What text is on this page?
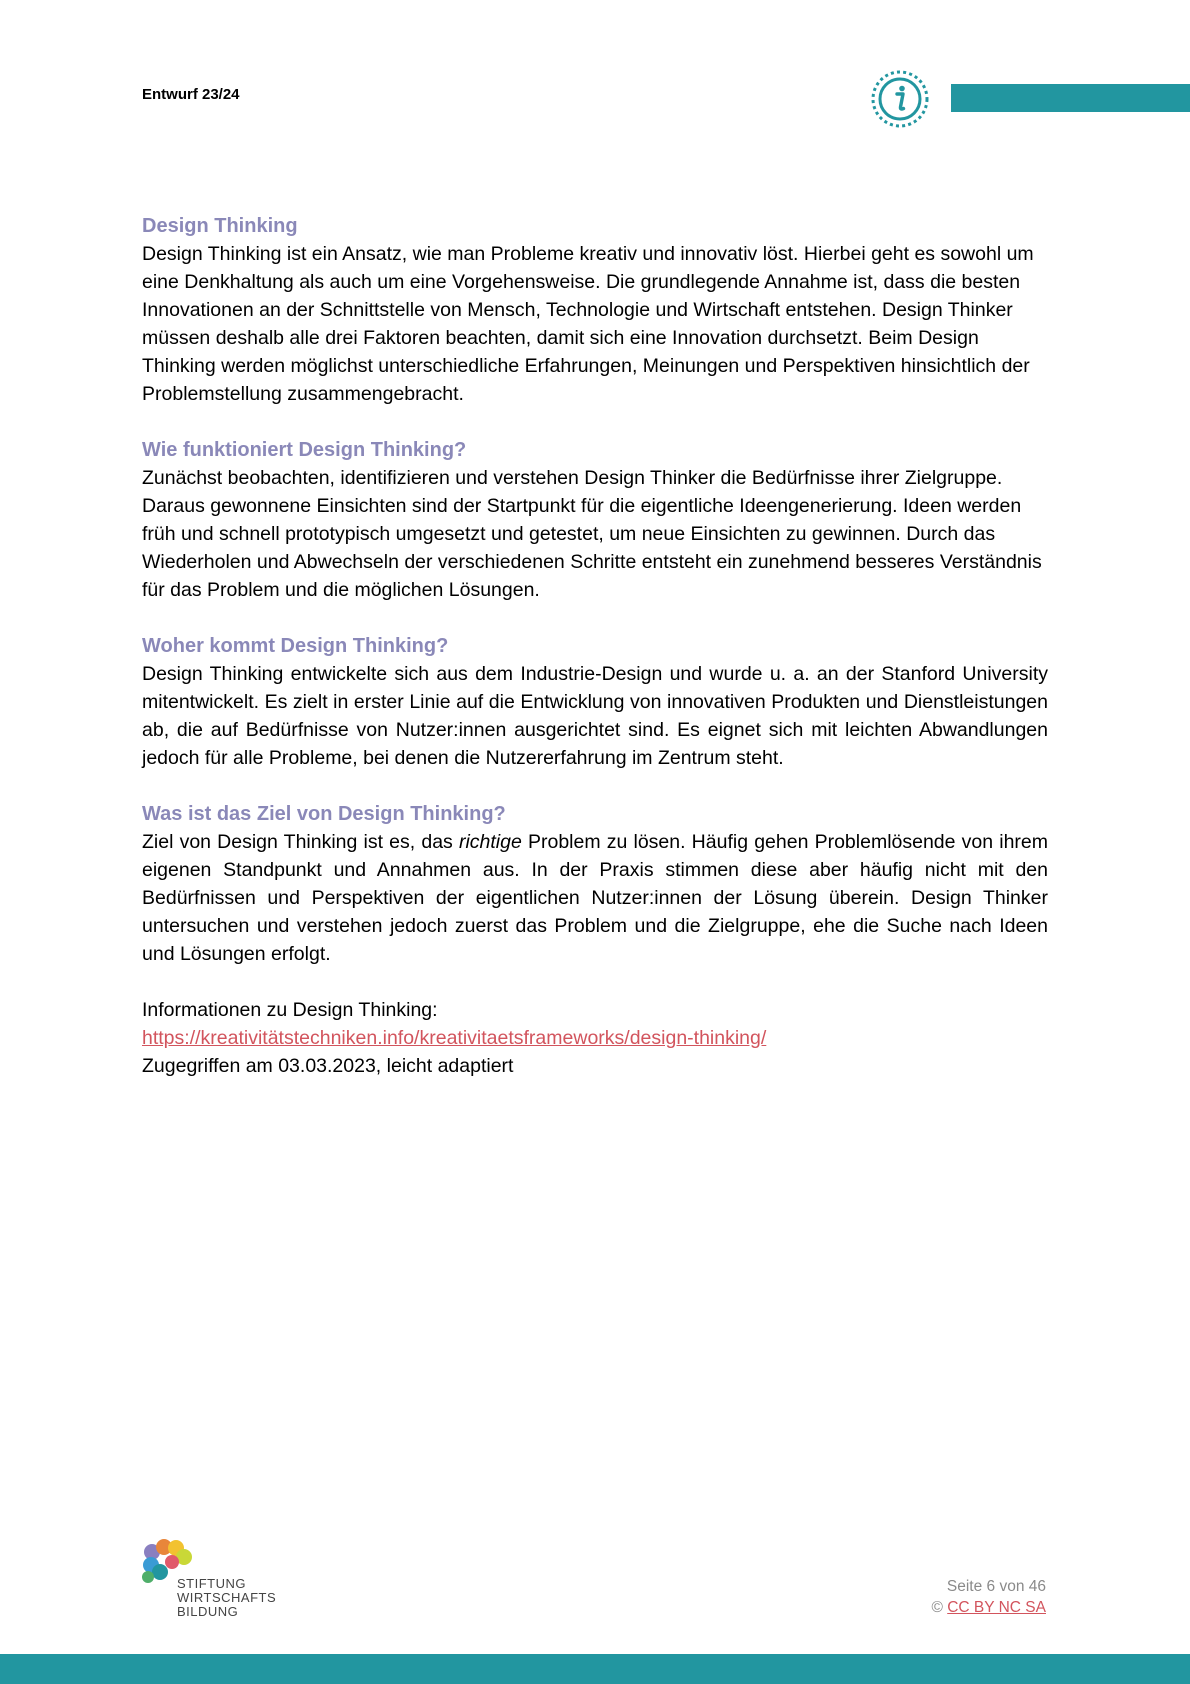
Entwurf 23/24
Design Thinking

Design Thinking ist ein Ansatz, wie man Probleme kreativ und innovativ löst. Hierbei geht es sowohl um eine Denkhaltung als auch um eine Vorgehensweise. Die grundlegende Annahme ist, dass die besten Innovationen an der Schnittstelle von Mensch, Technologie und Wirtschaft entstehen. Design Thinker müssen deshalb alle drei Faktoren beachten, damit sich eine Innovation durchsetzt. Beim Design Thinking werden möglichst unterschiedliche Erfahrungen, Meinungen und Perspektiven hinsichtlich der Problemstellung zusammengebracht.

Wie funktioniert Design Thinking?

Zunächst beobachten, identifizieren und verstehen Design Thinker die Bedürfnisse ihrer Zielgruppe. Daraus gewonnene Einsichten sind der Startpunkt für die eigentliche Ideengenerierung. Ideen werden früh und schnell prototypisch umgesetzt und getestet, um neue Einsichten zu gewinnen. Durch das Wiederholen und Abwechseln der verschiedenen Schritte entsteht ein zunehmend besseres Verständnis für das Problem und die möglichen Lösungen.

Woher kommt Design Thinking?

Design Thinking entwickelte sich aus dem Industrie-Design und wurde u. a. an der Stanford University mitentwickelt. Es zielt in erster Linie auf die Entwicklung von innovativen Produkten und Dienstleistungen ab, die auf Bedürfnisse von Nutzer:innen ausgerichtet sind. Es eignet sich mit leichten Abwandlungen jedoch für alle Probleme, bei denen die Nutzererfahrung im Zentrum steht.

Was ist das Ziel von Design Thinking?

Ziel von Design Thinking ist es, das richtige Problem zu lösen. Häufig gehen Problemlösende von ihrem eigenen Standpunkt und Annahmen aus. In der Praxis stimmen diese aber häufig nicht mit den Bedürfnissen und Perspektiven der eigentlichen Nutzer:innen der Lösung überein. Design Thinker untersuchen und verstehen jedoch zuerst das Problem und die Zielgruppe, ehe die Suche nach Ideen und Lösungen erfolgt.

Informationen zu Design Thinking:

https://kreativitätstechniken.info/kreativitaetsframeworks/design-thinking/

Zugegriffen am 03.03.2023, leicht adaptiert

STIFTUNG
WIRTSCHAFTS
BILDUNG
Seite 6 von 46
© CC BY NC SA
